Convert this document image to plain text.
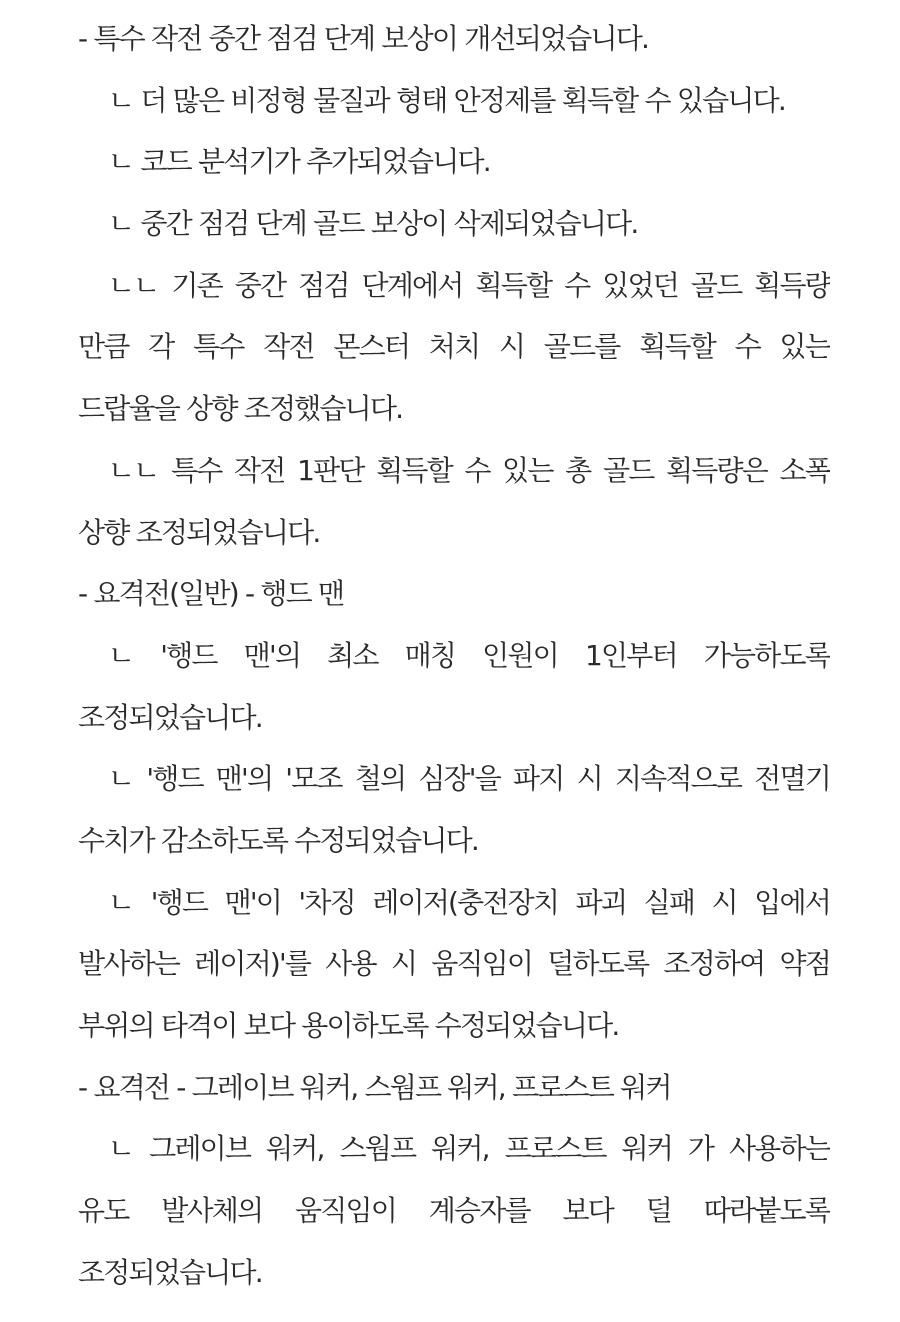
- 특수 작전 중간 점검 단계 보상이 개선되었습니다.
ㄴ 더 많은 비정형 물질과 형태 안정제를 획득할 수 있습니다.
ㄴ 코드 분석기가 추가되었습니다.
ㄴ 중간 점검 단계 골드 보상이 삭제되었습니다.
ㄴㄴ 기존 중간 점검 단계에서 획득할 수 있었던 골드 획득량
만큼 각 특수 작전 몬스터 처치 시 골드를 획득할 수 있는
드랍율을 상향 조정했습니다.
ㄴㄴ 특수 작전 1판단 획득할 수 있는 총 골드 획득량은 소폭
상향 조정되었습니다.
- 요격전(일반) - 행드 맨
ㄴ '행드 맨'의 최소 매칭 인원이 1인부터 가능하도록
조정되었습니다.
ㄴ '행드 맨'의 '모조 철의 심장'을 파지 시 지속적으로 전멸기
수치가 감소하도록 수정되었습니다.
ㄴ '행드 맨'이 '차징 레이저(충전장치 파괴 실패 시 입에서
발사하는 레이저)'를 사용 시 움직임이 덜하도록 조정하여 약점
부위의 타격이 보다 용이하도록 수정되었습니다.
- 요격전 - 그레이브 워커, 스웜프 워커, 프로스트 워커
ㄴ 그레이브 워커, 스웜프 워커, 프로스트 워커 가 사용하는
유도 발사체의 움직임이 계승자를 보다 덜 따라붙도록
조정되었습니다.
